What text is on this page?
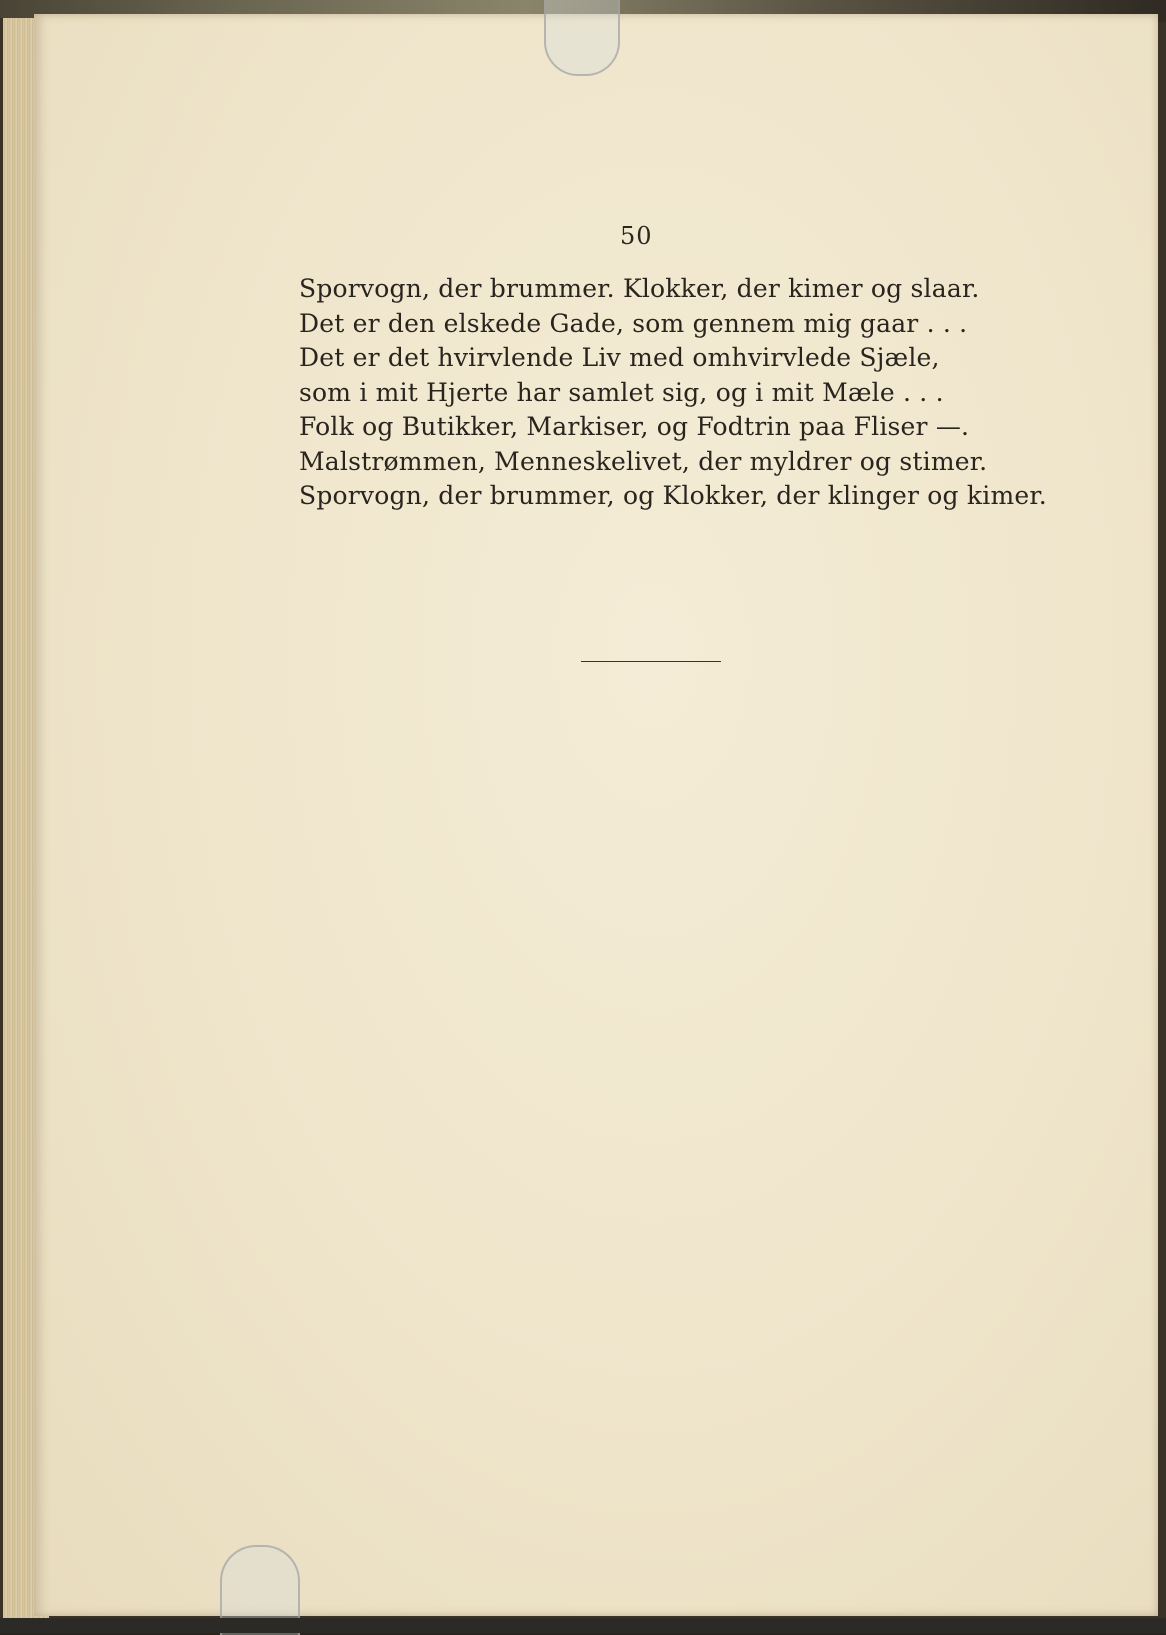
50
Sporvogn, der brummer. Klokker, der kimer og slaar.
Det er den elskede Gade, som gennem mig gaar . . .
Det er det hvirvlende Liv med omhvirvlede Sjæle,
som i mit Hjerte har samlet sig, og i mit Mæle . . .
Folk og Butikker, Markiser, og Fodtrin paa Fliser —.
Malstrømmen, Menneskelivet, der myldrer og stimer.
Sporvogn, der brummer, og Klokker, der klinger og kimer.
